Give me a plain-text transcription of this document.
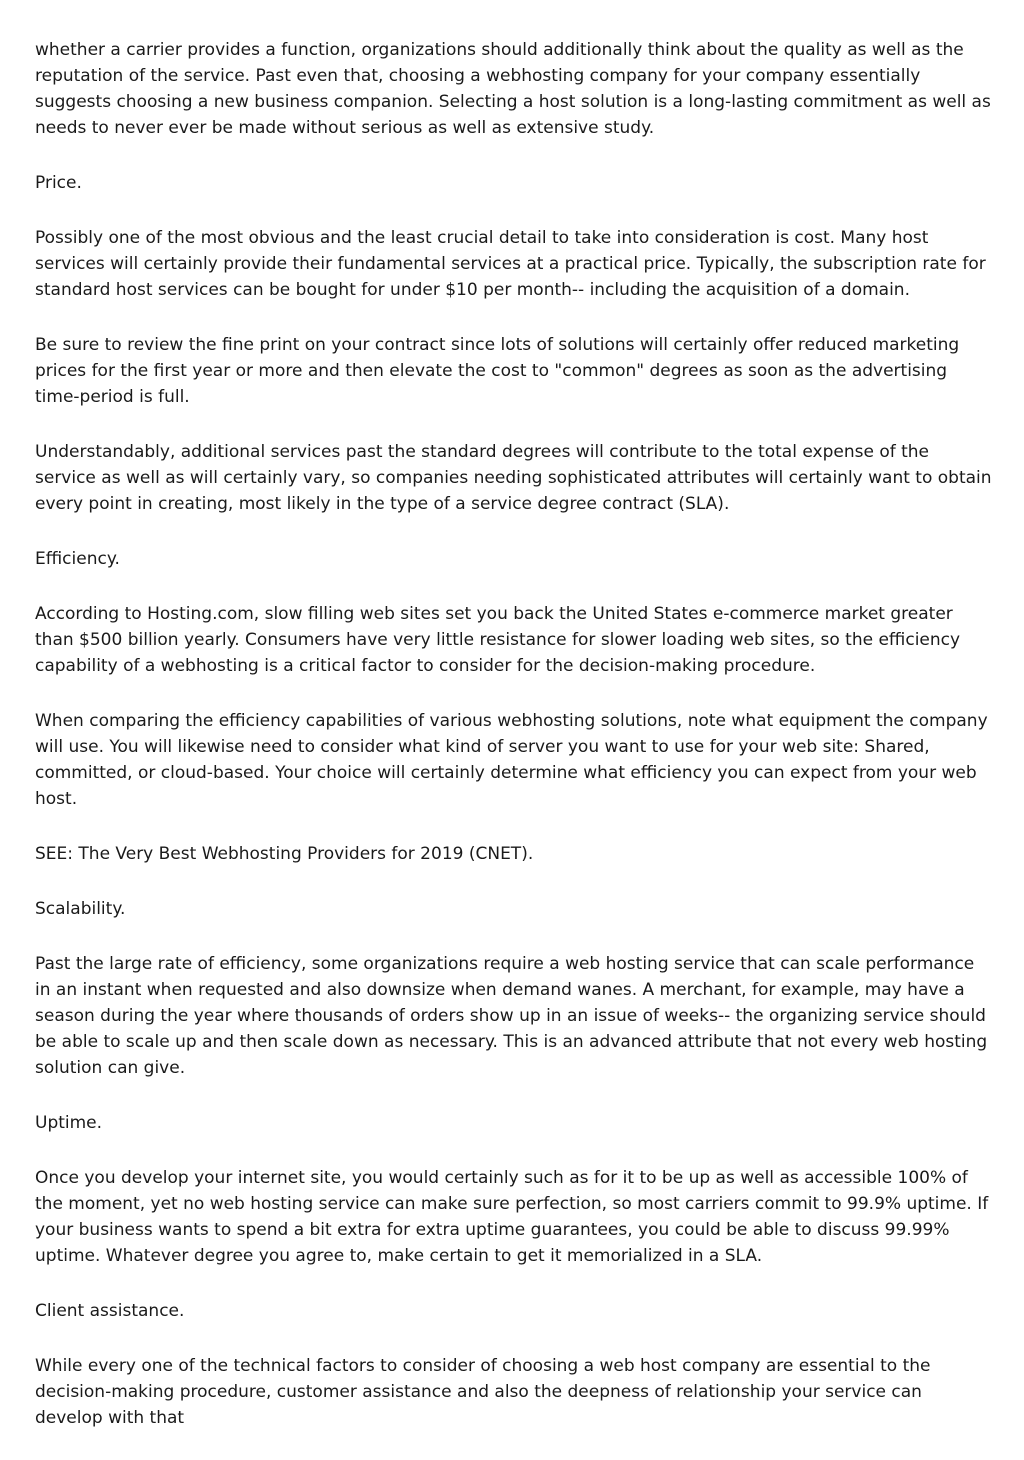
whether a carrier provides a function, organizations should additionally think about the quality as well as the reputation of the service. Past even that, choosing a webhosting company for your company essentially suggests choosing a new business companion. Selecting a host solution is a long-lasting commitment as well as needs to never ever be made without serious as well as extensive study.

Price.

Possibly one of the most obvious and the least crucial detail to take into consideration is cost. Many host services will certainly provide their fundamental services at a practical price. Typically, the subscription rate for standard host services can be bought for under $10 per month-- including the acquisition of a domain.

Be sure to review the fine print on your contract since lots of solutions will certainly offer reduced marketing prices for the first year or more and then elevate the cost to "common" degrees as soon as the advertising time-period is full.

Understandably, additional services past the standard degrees will contribute to the total expense of the service as well as will certainly vary, so companies needing sophisticated attributes will certainly want to obtain every point in creating, most likely in the type of a service degree contract (SLA).

Efficiency.

According to Hosting.com, slow filling web sites set you back the United States e-commerce market greater than $500 billion yearly. Consumers have very little resistance for slower loading web sites, so the efficiency capability of a webhosting is a critical factor to consider for the decision-making procedure.

When comparing the efficiency capabilities of various webhosting solutions, note what equipment the company will use. You will likewise need to consider what kind of server you want to use for your web site: Shared, committed, or cloud-based. Your choice will certainly determine what efficiency you can expect from your web host.

SEE: The Very Best Webhosting Providers for 2019 (CNET).

Scalability.

Past the large rate of efficiency, some organizations require a web hosting service that can scale performance in an instant when requested and also downsize when demand wanes. A merchant, for example, may have a season during the year where thousands of orders show up in an issue of weeks-- the organizing service should be able to scale up and then scale down as necessary. This is an advanced attribute that not every web hosting solution can give.

Uptime.

Once you develop your internet site, you would certainly such as for it to be up as well as accessible 100% of the moment, yet no web hosting service can make sure perfection, so most carriers commit to 99.9% uptime. If your business wants to spend a bit extra for extra uptime guarantees, you could be able to discuss 99.99% uptime. Whatever degree you agree to, make certain to get it memorialized in a SLA.

Client assistance.

While every one of the technical factors to consider of choosing a web host company are essential to the decision-making procedure, customer assistance and also the deepness of relationship your service can develop with that
